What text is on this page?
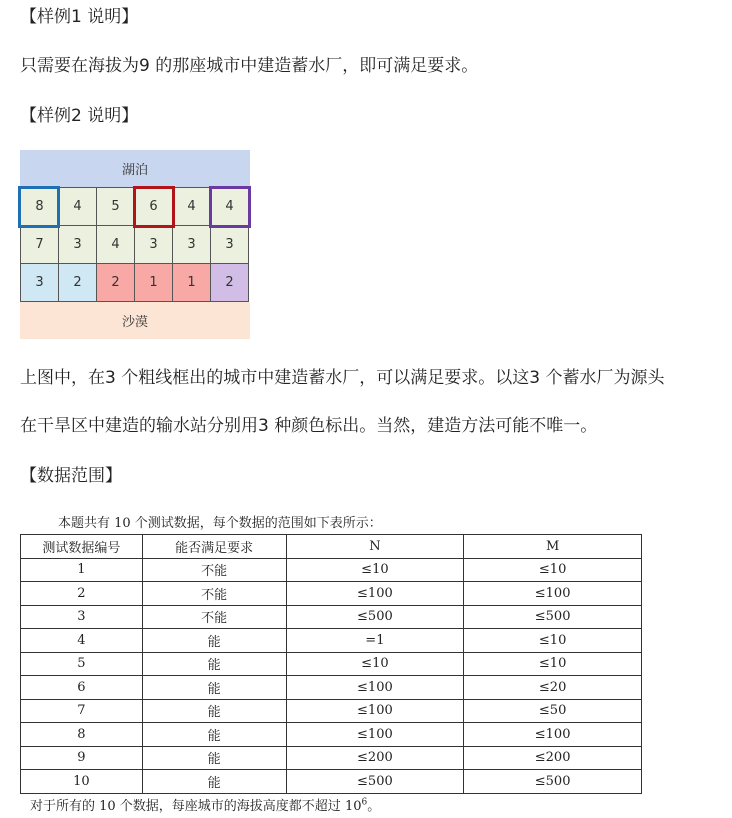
【样例1 说明】
只需要在海拔为9 的那座城市中建造蓄水厂，即可满足要求。
【样例2 说明】
湖泊
8	4	5	6	4	4
7	3	4	3	3	3
3	2	2	1	1	2
沙漠
上图中，在3 个粗线框出的城市中建造蓄水厂，可以满足要求。以这3 个蓄水厂为源头
在干旱区中建造的输水站分别用3 种颜色标出。当然，建造方法可能不唯一。
【数据范围】
本题共有 10 个测试数据，每个数据的范围如下表所示：
测试数据编号	能否满足要求	N	M
1	不能	≤10	≤10
2	不能	≤100	≤100
3	不能	≤500	≤500
4	能	=1	≤10
5	能	≤10	≤10
6	能	≤100	≤20
7	能	≤100	≤50
8	能	≤100	≤100
9	能	≤200	≤200
10	能	≤500	≤500
对于所有的 10 个数据，每座城市的海拔高度都不超过 $10^6$。
